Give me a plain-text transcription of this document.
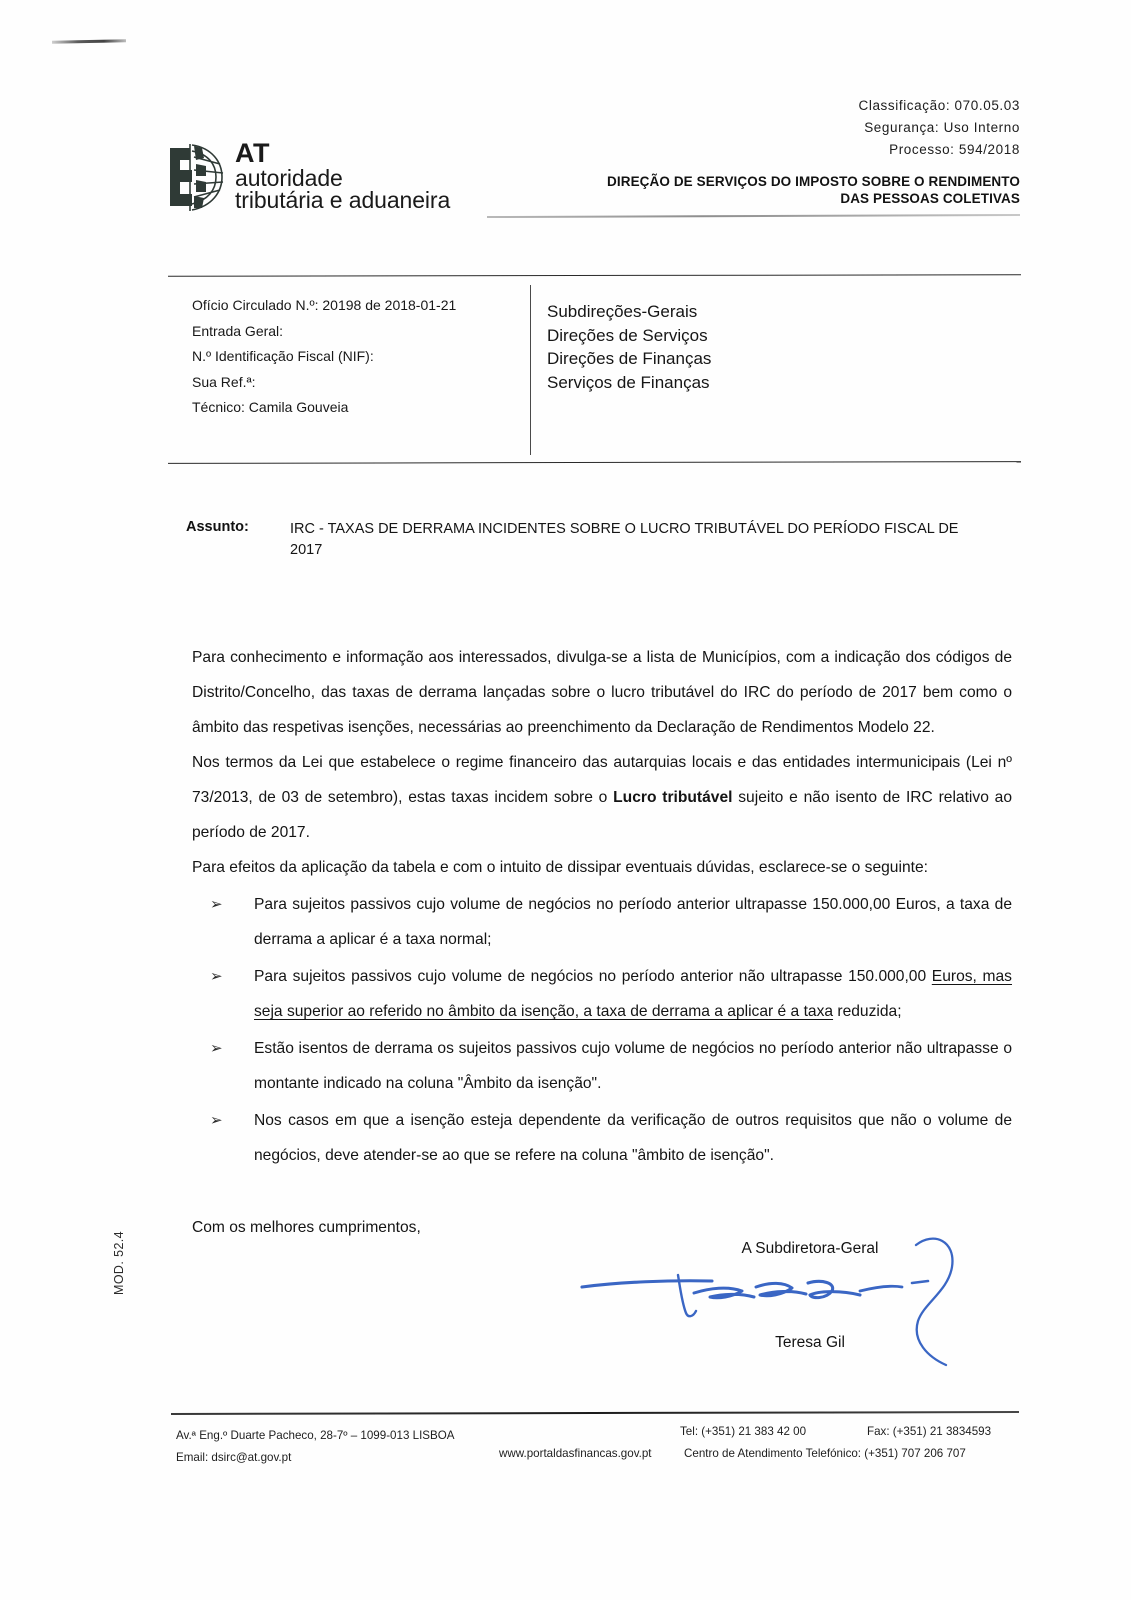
Classificação: 070.05.03
Segurança: Uso Interno
Processo: 594/2018
AT
autoridade
tributária e aduaneira
DIREÇÃO DE SERVIÇOS DO IMPOSTO SOBRE O RENDIMENTO
DAS PESSOAS COLETIVAS
Ofício Circulado N.º: 20198 de 2018-01-21
Entrada Geral:
N.º Identificação Fiscal (NIF):
Sua Ref.ª:
Técnico: Camila Gouveia
Subdireções-Gerais
Direções de Serviços
Direções de Finanças
Serviços de Finanças
Assunto:	IRC - TAXAS DE DERRAMA INCIDENTES SOBRE O LUCRO TRIBUTÁVEL DO PERÍODO FISCAL DE 2017

Para conhecimento e informação aos interessados, divulga-se a lista de Municípios, com a indicação dos códigos de Distrito/Concelho, das taxas de derrama lançadas sobre o lucro tributável do IRC do período de 2017 bem como o âmbito das respetivas isenções, necessárias ao preenchimento da Declaração de Rendimentos Modelo 22.

Nos termos da Lei que estabelece o regime financeiro das autarquias locais e das entidades intermunicipais (Lei nº 73/2013, de 03 de setembro), estas taxas incidem sobre o Lucro tributável sujeito e não isento de IRC relativo ao período de 2017.

Para efeitos da aplicação da tabela e com o intuito de dissipar eventuais dúvidas, esclarece-se o seguinte:

➢ Para sujeitos passivos cujo volume de negócios no período anterior ultrapasse 150.000,00 Euros, a taxa de derrama a aplicar é a taxa normal;
➢ Para sujeitos passivos cujo volume de negócios no período anterior não ultrapasse 150.000,00 Euros, mas seja superior ao referido no âmbito da isenção, a taxa de derrama a aplicar é a taxa reduzida;
➢ Estão isentos de derrama os sujeitos passivos cujo volume de negócios no período anterior não ultrapasse o montante indicado na coluna "Âmbito da isenção".
➢ Nos casos em que a isenção esteja dependente da verificação de outros requisitos que não o volume de negócios, deve atender-se ao que se refere na coluna "âmbito de isenção".

Com os melhores cumprimentos,

A Subdiretora-Geral
Teresa Gil
MOD. 52.4
Av.ª Eng.º Duarte Pacheco, 28-7º – 1099-013 LISBOA
Email: dsirc@at.gov.pt	www.portaldasfinancas.gov.pt
Tel: (+351) 21 383 42 00	Fax: (+351) 21 3834593
Centro de Atendimento Telefónico: (+351) 707 206 707
